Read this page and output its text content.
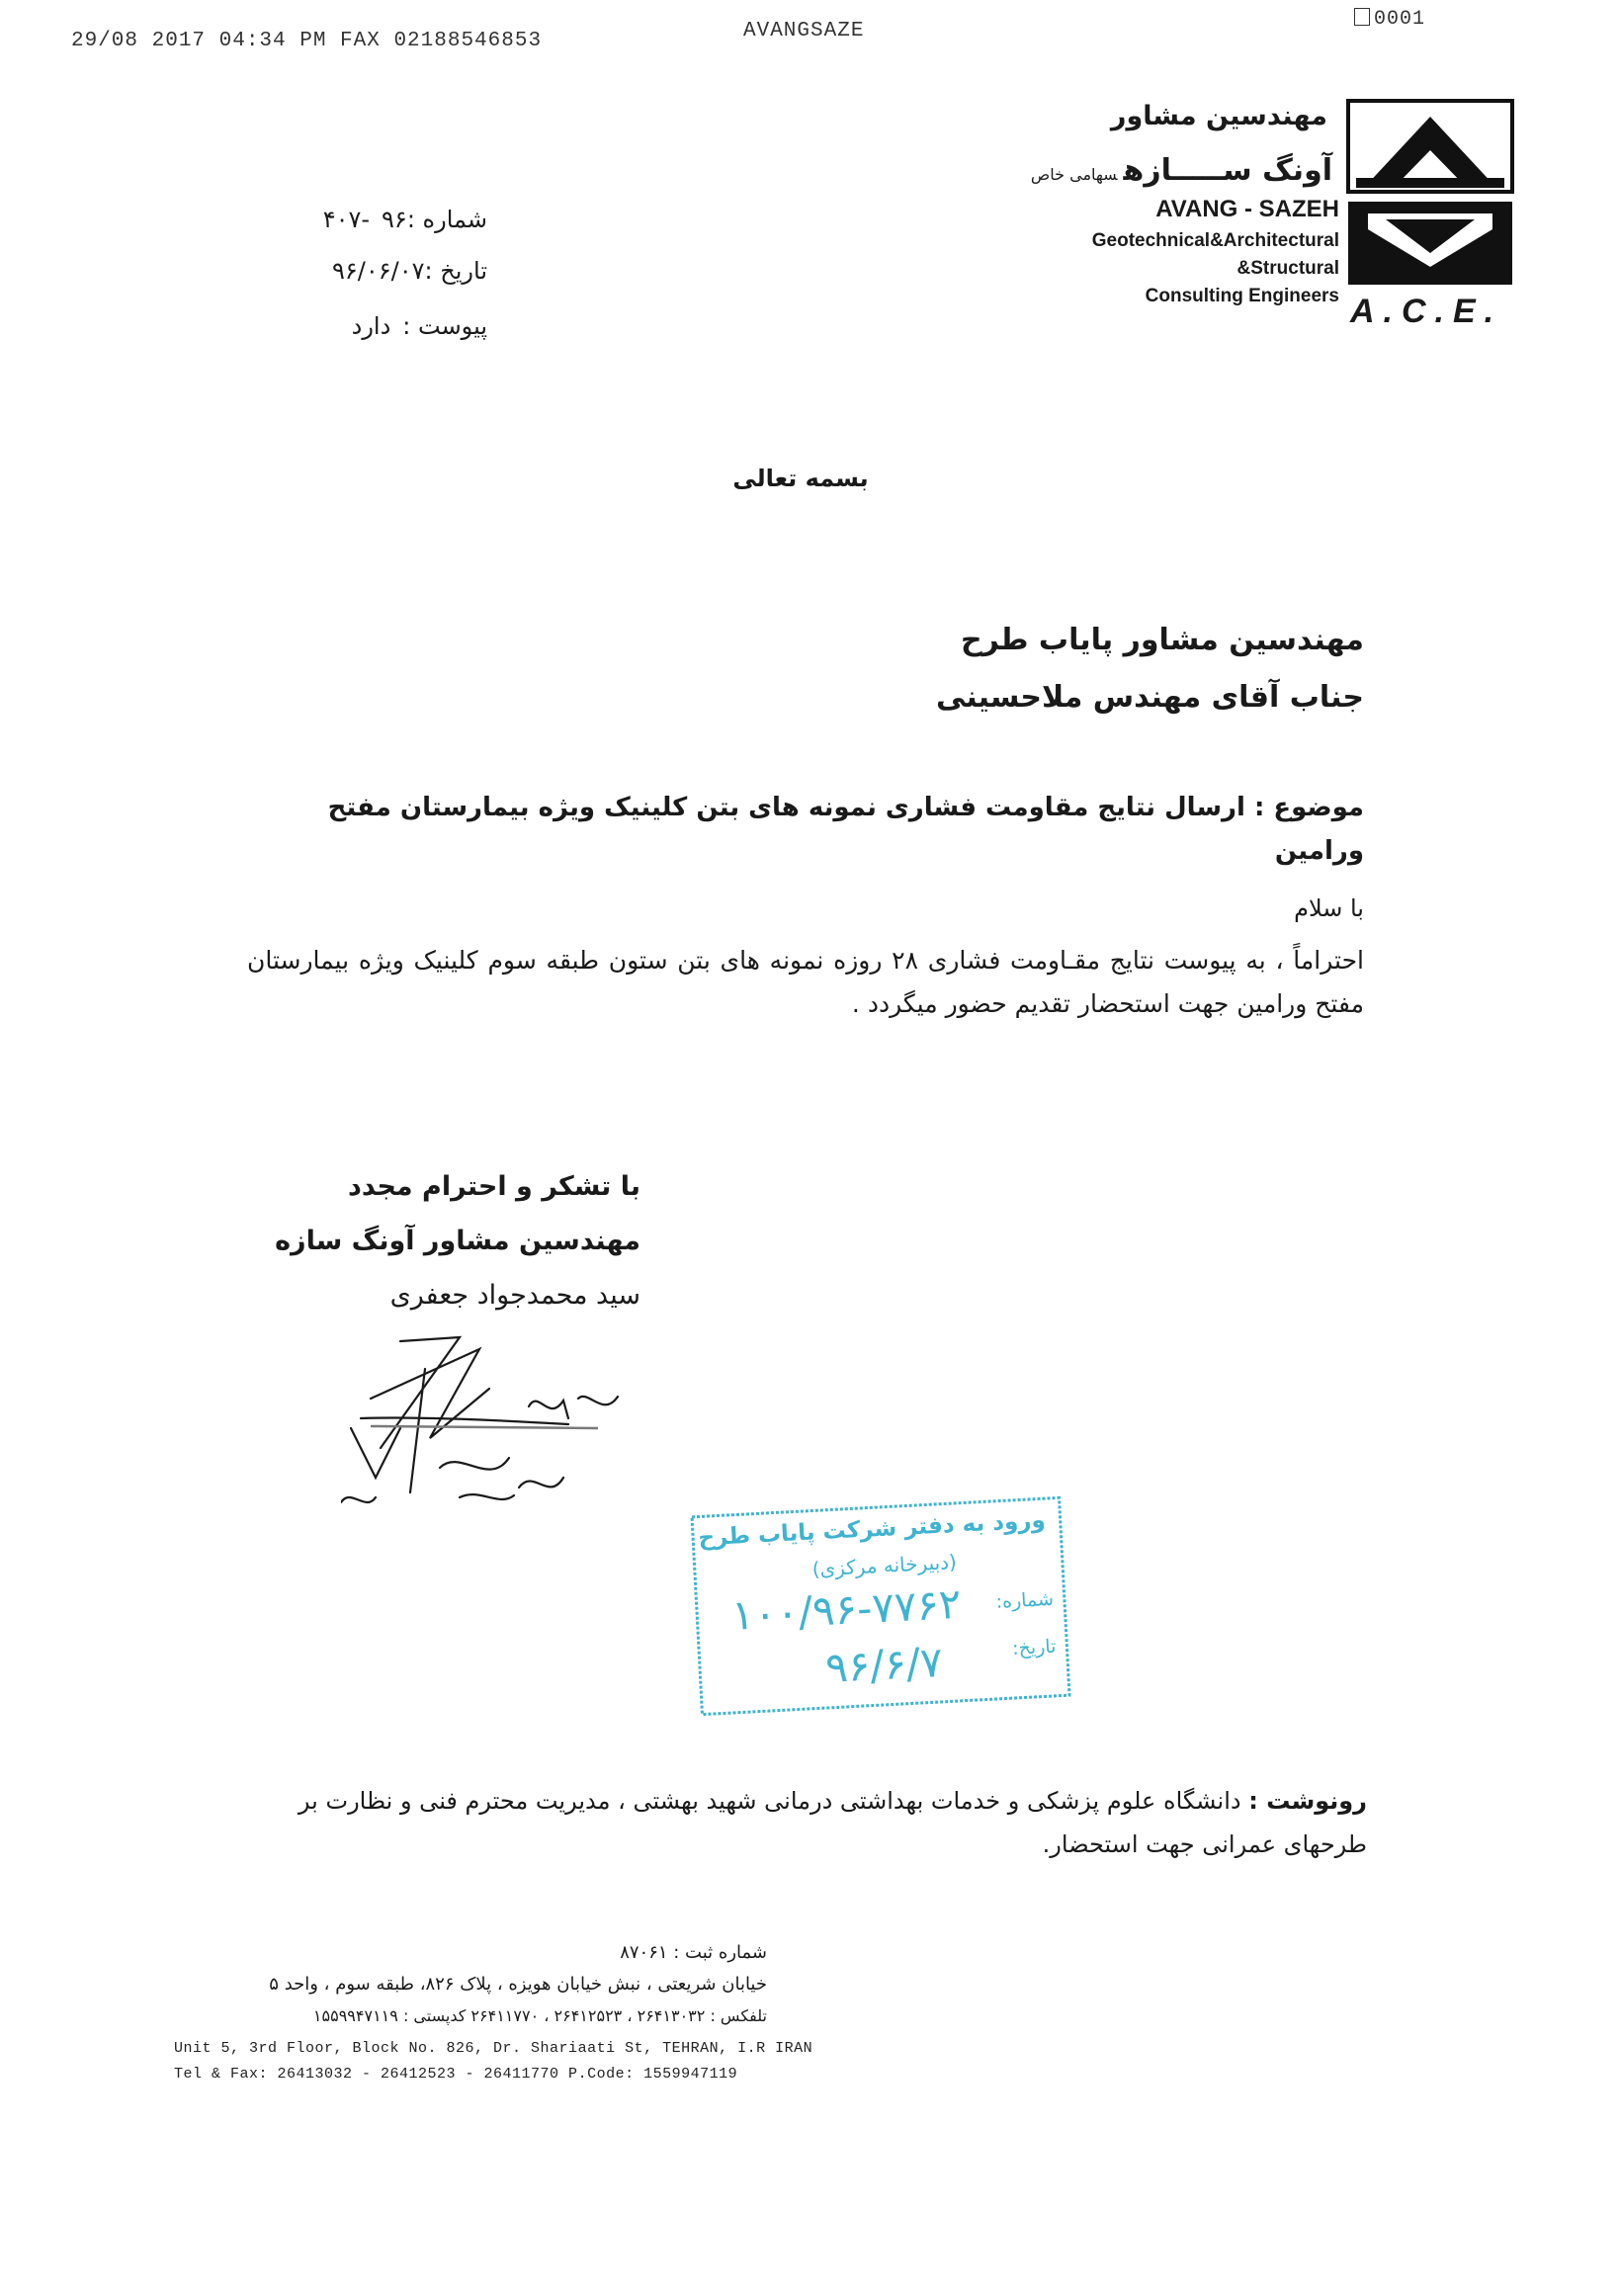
29/08 2017 04:34 PM FAX 02188546853	AVANGSAZE
0001
مهندسین مشاور
آونگ ســـــازهسهامی خاص
AVANG - SAZEH
Geotechnical&Architectural
&Structural
Consulting Engineers A.C.E.
شماره :۹۶-۴۰۷
تاریخ :۹۶/۰۶/۰۷
پیوست :دارد
بسمه تعالی
مهندسین مشاور پایاب طرح
جناب آقای مهندس ملاحسینی
موضوع : ارسال نتایج مقاومت فشاری نمونه های بتن کلینیک ویژه بیمارستان مفتح ورامین
با سلام
احتراماً ، به پیوست نتایج مقـاومت فشاری ۲۸ روزه نمونه های بتن ستون طبقه سوم کلینیک ویژه بیمارستان مفتح ورامین جهت استحضار تقدیم حضور میگردد .
با تشکر و احترام مجدد
مهندسین مشاور آونگ سازه
سید محمدجواد جعفری
ورود به دفتر شرکت پایاب طرح
(دبیرخانه مرکزی)
شماره:
۱۰۰/۹۶-۷۷۶۲
تاریخ:
۹۶/۶/۷
رونوشت : دانشگاه علوم پزشکی و خدمات بهداشتی درمانی شهید بهشتی ، مدیریت محترم فنی و نظارت بر طرحهای عمرانی جهت استحضار.
شماره ثبت : ۸۷۰۶۱
خیابان شریعتی ، نبش خیابان هویزه ، پلاک ۸۲۶، طبقه سوم ، واحد ۵
تلفکس : ۲۶۴۱۳۰۳۲ ، ۲۶۴۱۲۵۲۳ ، ۲۶۴۱۱۷۷۰ کدپستی : ۱۵۵۹۹۴۷۱۱۹
Unit 5, 3rd Floor, Block No. 826, Dr. Shariaati St, TEHRAN, I.R IRAN
Tel & Fax: 26413032 - 26412523 - 26411770 P.Code: 1559947119
